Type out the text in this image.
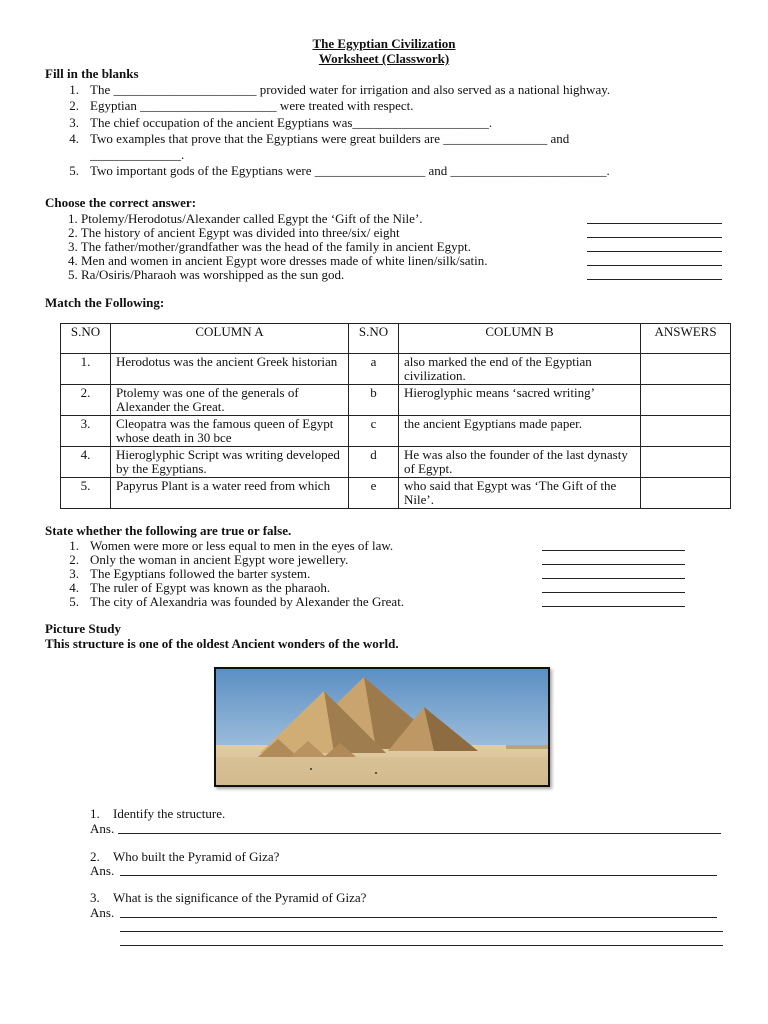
The Egyptian Civilization
Worksheet (Classwork)
Fill in the blanks
1. The ______________________ provided water for irrigation and also served as a national highway.
2. Egyptian _____________________ were treated with respect.
3. The chief occupation of the ancient Egyptians was_____________________.
4. Two examples that prove that the Egyptians were great builders are ________________ and
______________.
5. Two important gods of the Egyptians were _________________ and ________________________.
Choose the correct answer:
1. Ptolemy/Herodotus/Alexander called Egypt the ‘Gift of the Nile’.
2. The history of ancient Egypt was divided into three/six/ eight
3. The father/mother/grandfather was the head of the family in ancient Egypt.
4. Men and women in ancient Egypt wore dresses made of white linen/silk/satin.
5. Ra/Osiris/Pharaoh was worshipped as the sun god.
Match the Following:
S.NO	COLUMN A	S.NO	COLUMN B	ANSWERS
1.	Herodotus was the ancient Greek historian	a	also marked the end of the Egyptian civilization.	
2.	Ptolemy was one of the generals of Alexander the Great.	b	Hieroglyphic means ‘sacred writing’	
3.	Cleopatra was the famous queen of Egypt whose death in 30 bce	c	the ancient Egyptians made paper.	
4.	Hieroglyphic Script was writing developed by the Egyptians.	d	He was also the founder of the last dynasty of Egypt.	
5.	Papyrus Plant is a water reed from which	e	who said that Egypt was ‘The Gift of the Nile’.	
State whether the following are true or false.
1. Women were more or less equal to men in the eyes of law.
2. Only the woman in ancient Egypt wore jewellery.
3. The Egyptians followed the barter system.
4. The ruler of Egypt was known as the pharaoh.
5. The city of Alexandria was founded by Alexander the Great.
Picture Study
This structure is one of the oldest Ancient wonders of the world.
1. Identify the structure.
Ans.
2. Who built the Pyramid of Giza?
Ans.
3. What is the significance of the Pyramid of Giza?
Ans.
